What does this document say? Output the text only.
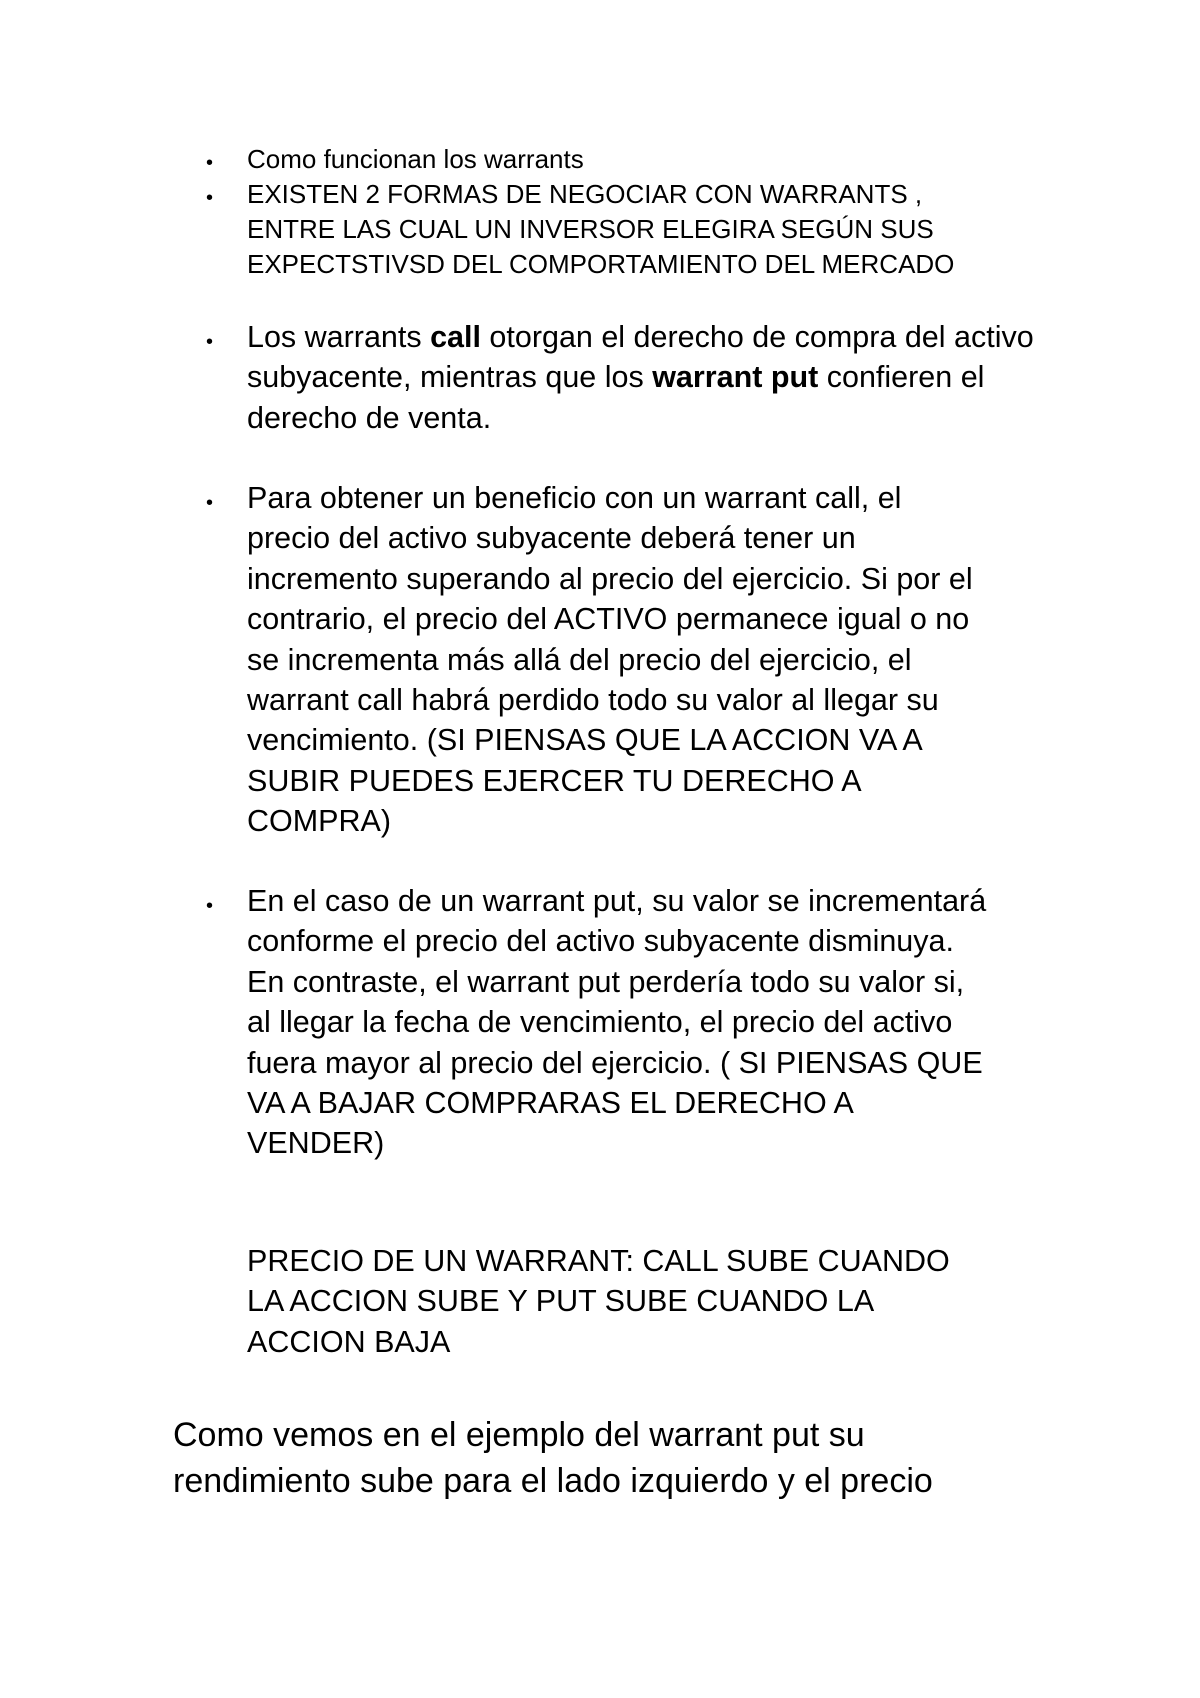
• Como funcionan los warrants

• EXISTEN 2 FORMAS DE NEGOCIAR CON WARRANTS ,
ENTRE LAS CUAL UN INVERSOR ELEGIRA SEGÚN SUS
EXPECTSTIVSD DEL COMPORTAMIENTO DEL MERCADO

• Los warrants call otorgan el derecho de compra del activo subyacente, mientras que los warrant put confieren el derecho de venta.

• Para obtener un beneficio con un warrant call, el
precio del activo subyacente deberá tener un
incremento superando al precio del ejercicio. Si por el
contrario, el precio del ACTIVO permanece igual o no
se incrementa más allá del precio del ejercicio, el
warrant call habrá perdido todo su valor al llegar su
vencimiento. (SI PIENSAS QUE LA ACCION VA A
SUBIR PUEDES EJERCER TU DERECHO A
COMPRA)

• En el caso de un warrant put, su valor se incrementará
conforme el precio del activo subyacente disminuya.
En contraste, el warrant put perdería todo su valor si,
al llegar la fecha de vencimiento, el precio del activo
fuera mayor al precio del ejercicio. ( SI PIENSAS QUE
VA A BAJAR COMPRARAS EL DERECHO A
VENDER)

PRECIO DE UN WARRANT: CALL SUBE CUANDO
LA ACCION SUBE Y PUT SUBE CUANDO LA
ACCION BAJA

Como vemos en el ejemplo del warrant put su
rendimiento sube para el lado izquierdo y el precio
